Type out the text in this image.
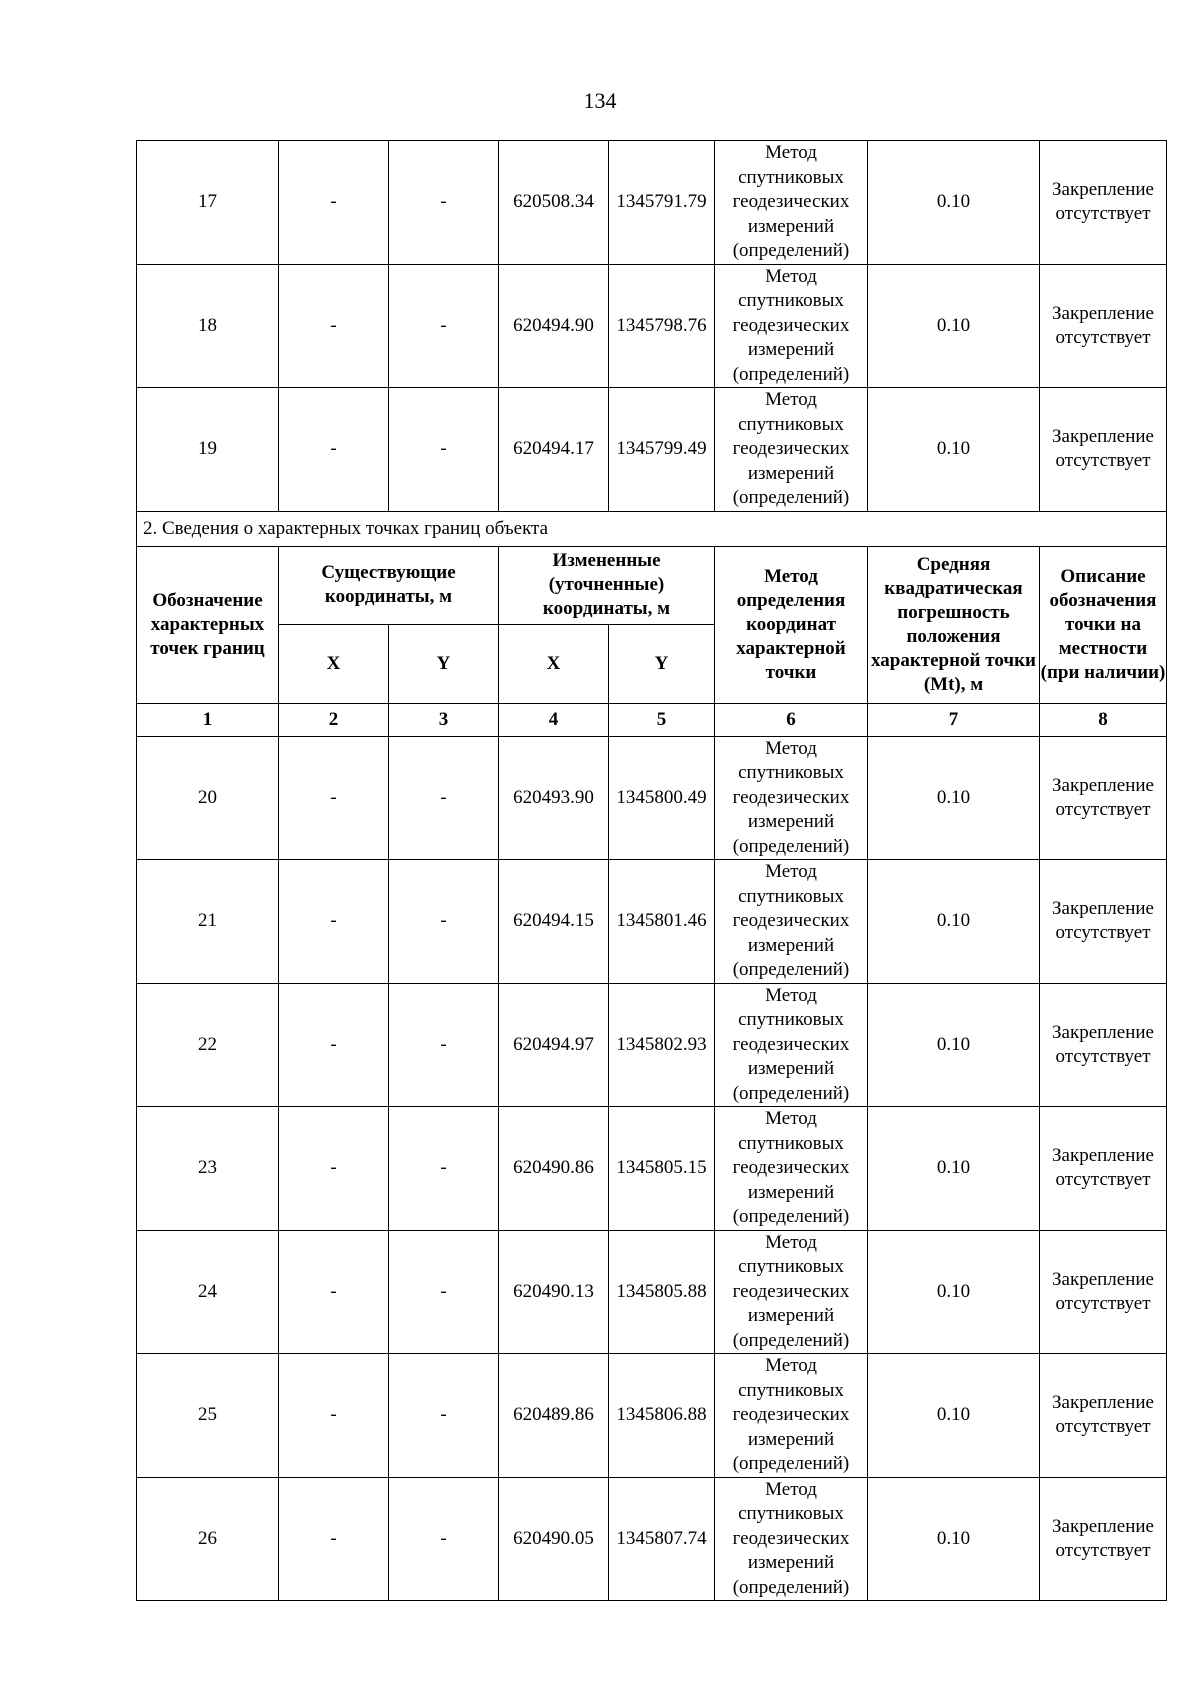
134
17	-	-	620508.34	1345791.79	Метод спутниковых геодезических измерений (определений)	0.10	Закрепление отсутствует
18	-	-	620494.90	1345798.76	Метод спутниковых геодезических измерений (определений)	0.10	Закрепление отсутствует
19	-	-	620494.17	1345799.49	Метод спутниковых геодезических измерений (определений)	0.10	Закрепление отсутствует
2. Сведения о характерных точках границ объекта							
Обозначение характерных точек границ	Существующие координаты, м		Измененные (уточненные) координаты, м		Метод определения координат характерной точки	Средняя квадратическая погрешность положения характерной точки (Mt), м	Описание обозначения точки на местности (при наличии)
	X	Y	X	Y			
1	2	3	4	5	6	7	8
20	-	-	620493.90	1345800.49	Метод спутниковых геодезических измерений (определений)	0.10	Закрепление отсутствует
21	-	-	620494.15	1345801.46	Метод спутниковых геодезических измерений (определений)	0.10	Закрепление отсутствует
22	-	-	620494.97	1345802.93	Метод спутниковых геодезических измерений (определений)	0.10	Закрепление отсутствует
23	-	-	620490.86	1345805.15	Метод спутниковых геодезических измерений (определений)	0.10	Закрепление отсутствует
24	-	-	620490.13	1345805.88	Метод спутниковых геодезических измерений (определений)	0.10	Закрепление отсутствует
25	-	-	620489.86	1345806.88	Метод спутниковых геодезических измерений (определений)	0.10	Закрепление отсутствует
26	-	-	620490.05	1345807.74	Метод спутниковых геодезических измерений (определений)	0.10	Закрепление отсутствует
